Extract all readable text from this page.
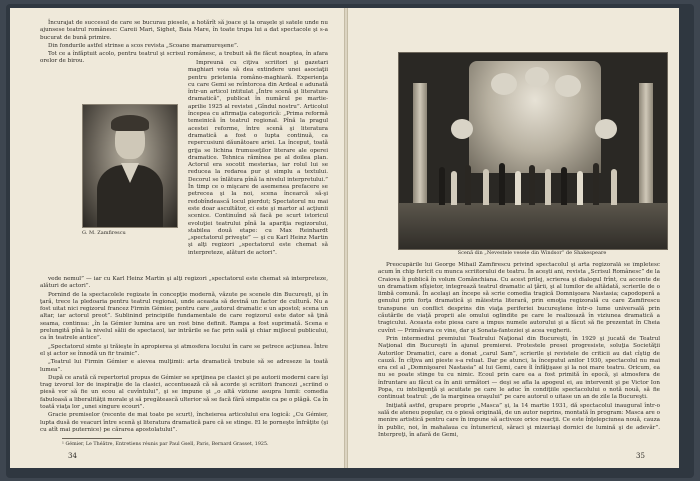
Încurajat de succesul de care se bucurau piesele, a hotărît să joace şi la oraşele şi satele unde nu ajunsese teatrul românesc: Careii Mari, Sighet, Baia Mare, în toate trupa lui a dat spectacole şi s-a bucurat de bună primire.

Din fondurile astfel strinse a scos revista „Scoane maramureşene”.

Tot ce a înfăptuit acolo, pentru teatrul şi scrisul românesc, a trebuit să fie făcut noaptea, în afara orelor de birou.

G. M. Zamfirescu

Împreună cu cîţiva scriitori şi gazetari maghiari voia să dea extindere unei asociaţii pentru prietenia româno-maghiară. Experienţa cu care Gemi se reîntorcea din Ardeal e adunată într-un articol intitulat „Între scenă şi literatura dramatică”, publicat în numărul pe martie-aprilie 1925 al revistei „Gîndul nostru”. Articolul începea cu afirmaţia categorică: „Prima reformă temeinică în teatrul regional. Pînă la pragul acestei reforme, între scenă şi literatura dramatică a fost o lupta continuă, ca repercusiuni dăunătoare ariei. La început, toată grija se lichina frumuseţilor literare ale operei dramatice. Tehnica rămînea pe al doilea plan. Actorul era socotit mesterias, iar rolul lui se reducea la redarea pur şi simplu a textului. Decorul se înlătura pînă la nivelul interpretului.” În timp ce o mişcare de asemenea prefacere se petrecea şi la noi, scena încearcă să-şi redobîndească locul pierdut; Spectatorul nu mai este doar ascultător, ci este şi martor al acţiunii scenice. Continuînd să facă pe scurt istoricul evoluţiei teatrului pînă la apariţia regizorului, stabilea două etape: cu Max Reinhardt „spectatorul priveşte” — şi cu Karl Heinz Martin şi alţi regizori „spectatorul este chemat să interpreteze, alături de actori”.

vede nemul” — iar cu Karl Heinz Martin şi alţi regizori „spectatorul este chemat să interpreteze, alături de actori”.

Pornind de la spectacolele regizate în concepţie modernă, văzute pe scenele din Bucureşti, şi în ţară, trece la pledoaria pentru teatrul regional, unde aceasta să devină un factor de cultură. Nu a fost uitat nici regizorul francez Firmin Gémier, pentru care „autorul dramatic e un apostol; scena un altar, iar actorul preot”. Sublinind principiile fundamentale de care regizorul este dator să ţină seama, continua: „în la Gémier lumina are un rost bine definit. Rampa a fost suprimată. Scena e prelungită pînă la nivelul sălii de spectacol, iar intrările se fac prin sală şi chiar mijlocul publicului, ca în teatrele antice”.

„Spectatorul simte şi trăieşte în apropierea şi atmosfera locului în care se petrece acţiunea. Între el şi actor se înnodă un fir trainic”.

„Teatrul lui Firmin Gémier e aievea mulţimii: arta dramatică trebuie să se adreseze la toată lumea”.

După ce arată că repertoriul propus de Gémier se sprijinea pe clasici şi pe autorii moderni care îşi trag izvorul lor de inspiraţie de la clasici, accentuează că să acorde şi scriitori francezi „scriind o piesă vor să fie un ecou al cuvîntului”, şi se impune şi „o altă viziune asupra lumii: comedia fabuloasă a liberalităţii morale şi să pregătească ulterior să se facă fără simpatie ca pe o plăgă. Ca în toată viaţa lor „unei singure ecouri”.

Gracie premiselor (recente de mai toate pe scurt), încheierea articolului era logică: „Cu Gémier, lupta dusă de veacuri între scenă şi literatura dramatică pare că se stinge. El le porneşte înfrăţite (şi cu atît mai puternice) pe cărarea apostolatului”.

¹ Gémier, Le Théâtre, Entretiens réunis par Paul Gsell, Paris, Bernard Grasset, 1925.
34
Scenă din „Nevestele vesele din Windsor” de Shakespeare

Preocupările lui George Mihail Zamfirescu privind spectacolul şi arta regizorală se împletesc acum în chip fericit cu munca scriitorului de teatru. În aceşti ani, revista „Scrisul Românesc” de la Craiova îi publică în volum Comănchiana. Cu acest prilej, scrierea şi dialogul frînt, cu accente de un dramatism sfîşietor, integrează teatrul dramatic al ţării, şi al lumilor de altădată, scrierile de o limbă comună. În acelaşi an începe să scrie comedia tragică Domnişoara Nastasia; capodoperă a genului prin forţa dramatică şi măiestria literară, prin emoţia regizorală cu care Zamfirescu transpune un conflict desprins din viaţa periferiei bucureştene într-o lume universală prin căutările de viaţă proprii ale omului oglindite pe care le realizează în viziunea dramatică a tragicului. Aceasta este piesa care a impus numele autorului şi a făcut să fie prezentat în Cheia cuvînt — Primăvara ce vine, dar şi Sonata-fanteziei şi acea vegherii.

Prin intermediul premiului Teatrului Naţional din Bucureşti, în 1929 şi jucată de Teatrul Naţional din Bucureşti în ajunul premierei. Protestele presei progresiste, soluţia Societăţii Autorilor Dramatici, care a donat „carul Sam”, scrierile şi revistele de criticii au dat cîştig de cauză. În cîţiva ani pieste s-a reluat. Dar pe atunci, la începutul anilor 1930, spectacolul nu mai era cel al „Domnişoarei Nastasia” al lui Gemi, care îl înfăţişase şi la noi mare teatru. Oricum, ea nu se poate stinge tu cu nimic. Ecoul prin care ea a fost primită în epocă, şi atmosfera de înfruntare au făcut ca în anii următori — deşi se afla la apogeul ei, au intervenit şi pe Victor Ion Popa, cu inteligenţă şi acuitate pe care le aduc în condiţiile spectacolului o notă nouă, să fie continuat teatrul: „de la marginea oraşului” pe care autorul o uitase un an de zile la Bucureşti.

Iniţiată astfel, grupare proprie „Masca” şi, la 14 martie 1931, dă spectacolul inaugural într-o sală de ateneu popular, cu o piesă originală, de un autor neprins, montată în program: Masca are o menire artistică pentru care în impune să activeze orice reacţii. Ce este înţelepciunea nouă, cauza în public, noi, în mahalaua cu întunericul, săraci şi mizeriaşi dornici de lumină şi de adevăr”. Interpreţi, în afară de Gemi,

35
